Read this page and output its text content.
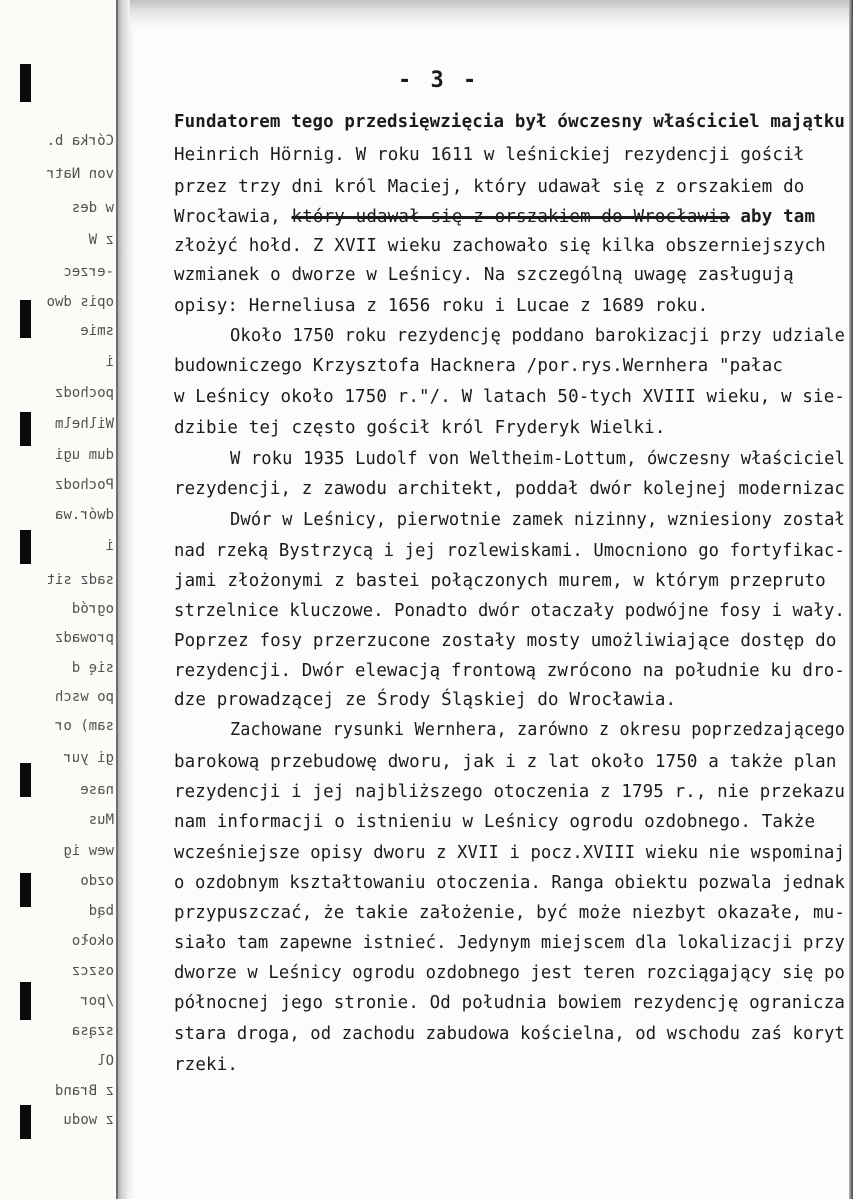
Córka b.
von Natr
w des
z W
-erzec
opis dwo
smie
i
pochodz
Wilhelm
dum ugi
Pochodz
dwór.wa
i
sadz sit
ogród
prowadz
się d
po wsch
sam) or
gi yur
nase
Mus
wew ig
ozdo
bąd
około
oszcz
/por
sząsa
Ol
z Brand
z wodu
- 3 -
Fundatorem tego przedsięwzięcia był ówczesny właściciel majątku
Heinrich Hörnig. W roku 1611 w leśnickiej rezydencji gościł
przez trzy dni król Maciej, który udawał się z orszakiem do
Wrocławia, który udawał się z orszakiem do Wrocławia aby tam
złożyć hołd. Z XVII wieku zachowało się kilka obszerniejszych
wzmianek o dworze w Leśnicy. Na szczególną uwagę zasługują
opisy: Herneliusa z 1656 roku i Lucae z 1689 roku.
Około 1750 roku rezydencję poddano barokizacji przy udziale
budowniczego Krzysztofa Hacknera /por.rys.Wernhera "pałac
w Leśnicy około 1750 r."/. W latach 50-tych XVIII wieku, w sie-
dzibie tej często gościł król Fryderyk Wielki.
W roku 1935 Ludolf von Weltheim-Lottum, ówczesny właściciel
rezydencji, z zawodu architekt, poddał dwór kolejnej modernizac
Dwór w Leśnicy, pierwotnie zamek nizinny, wzniesiony został
nad rzeką Bystrzycą i jej rozlewiskami. Umocniono go fortyfikac-
jami złożonymi z bastei połączonych murem, w którym przepruto
strzelnice kluczowe. Ponadto dwór otaczały podwójne fosy i wały.
Poprzez fosy przerzucone zostały mosty umożliwiające dostęp do
rezydencji. Dwór elewacją frontową zwrócono na południe ku dro-
dze prowadzącej ze Środy Śląskiej do Wrocławia.
Zachowane rysunki Wernhera, zarówno z okresu poprzedzającego
barokową przebudowę dworu, jak i z lat około 1750 a także plan
rezydencji i jej najbliższego otoczenia z 1795 r., nie przekazu
nam informacji o istnieniu w Leśnicy ogrodu ozdobnego. Także
wcześniejsze opisy dworu z XVII i pocz.XVIII wieku nie wspominaj
o ozdobnym kształtowaniu otoczenia. Ranga obiektu pozwala jednak
przypuszczać, że takie założenie, być może niezbyt okazałe, mu-
siało tam zapewne istnieć. Jedynym miejscem dla lokalizacji przy
dworze w Leśnicy ogrodu ozdobnego jest teren rozciągający się po
północnej jego stronie. Od południa bowiem rezydencję ogranicza
stara droga, od zachodu zabudowa kościelna, od wschodu zaś koryt
rzeki.
